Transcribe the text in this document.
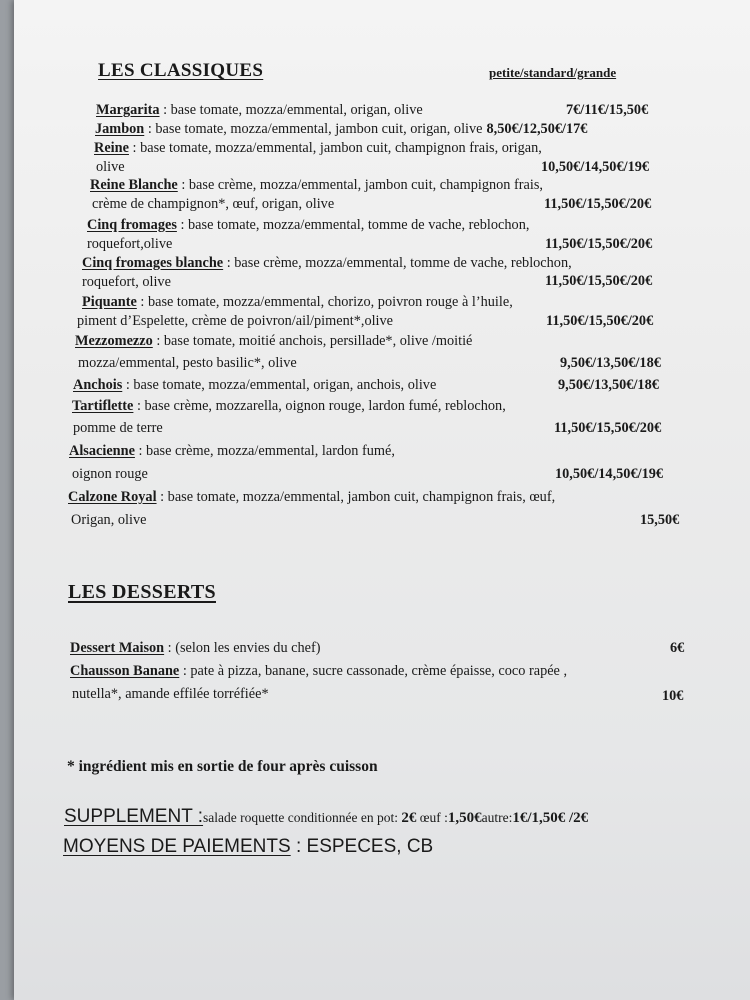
LES CLASSIQUES	petite/standard/grande
Margarita : base tomate, mozza/emmental, origan, olive	7€/11€/15,50€
Jambon : base tomate, mozza/emmental, jambon cuit, origan, olive 8,50€/12,50€/17€
Reine : base tomate, mozza/emmental, jambon cuit, champignon frais, origan,
olive	10,50€/14,50€/19€
Reine Blanche : base crème, mozza/emmental, jambon cuit, champignon frais,
crème de champignon*, œuf, origan, olive	11,50€/15,50€/20€
Cinq fromages : base tomate, mozza/emmental, tomme de vache, reblochon,
roquefort,olive	11,50€/15,50€/20€
Cinq fromages blanche : base crème, mozza/emmental, tomme de vache, reblochon,
roquefort, olive	11,50€/15,50€/20€
Piquante : base tomate, mozza/emmental, chorizo, poivron rouge à l’huile,
piment d’Espelette, crème de poivron/ail/piment*,olive	11,50€/15,50€/20€
Mezzomezzo : base tomate, moitié anchois, persillade*, olive /moitié
mozza/emmental, pesto basilic*, olive	9,50€/13,50€/18€
Anchois : base tomate, mozza/emmental, origan, anchois, olive	9,50€/13,50€/18€
Tartiflette : base crème, mozzarella, oignon rouge, lardon fumé, reblochon,
pomme de terre	11,50€/15,50€/20€
Alsacienne : base crème, mozza/emmental, lardon fumé,
oignon rouge	10,50€/14,50€/19€
Calzone Royal : base tomate, mozza/emmental, jambon cuit, champignon frais, œuf,
Origan, olive	15,50€
LES DESSERTS
Dessert Maison : (selon les envies du chef)	6€
Chausson Banane : pate à pizza, banane, sucre cassonade, crème épaisse, coco rapée ,
nutella*, amande effilée torréfiée*	10€
* ingrédient mis en sortie de four après cuisson
SUPPLEMENT :salade roquette conditionnée en pot: 2€ œuf :1,50€autre:1€/1,50€ /2€
MOYENS DE PAIEMENTS : ESPECES, CB
